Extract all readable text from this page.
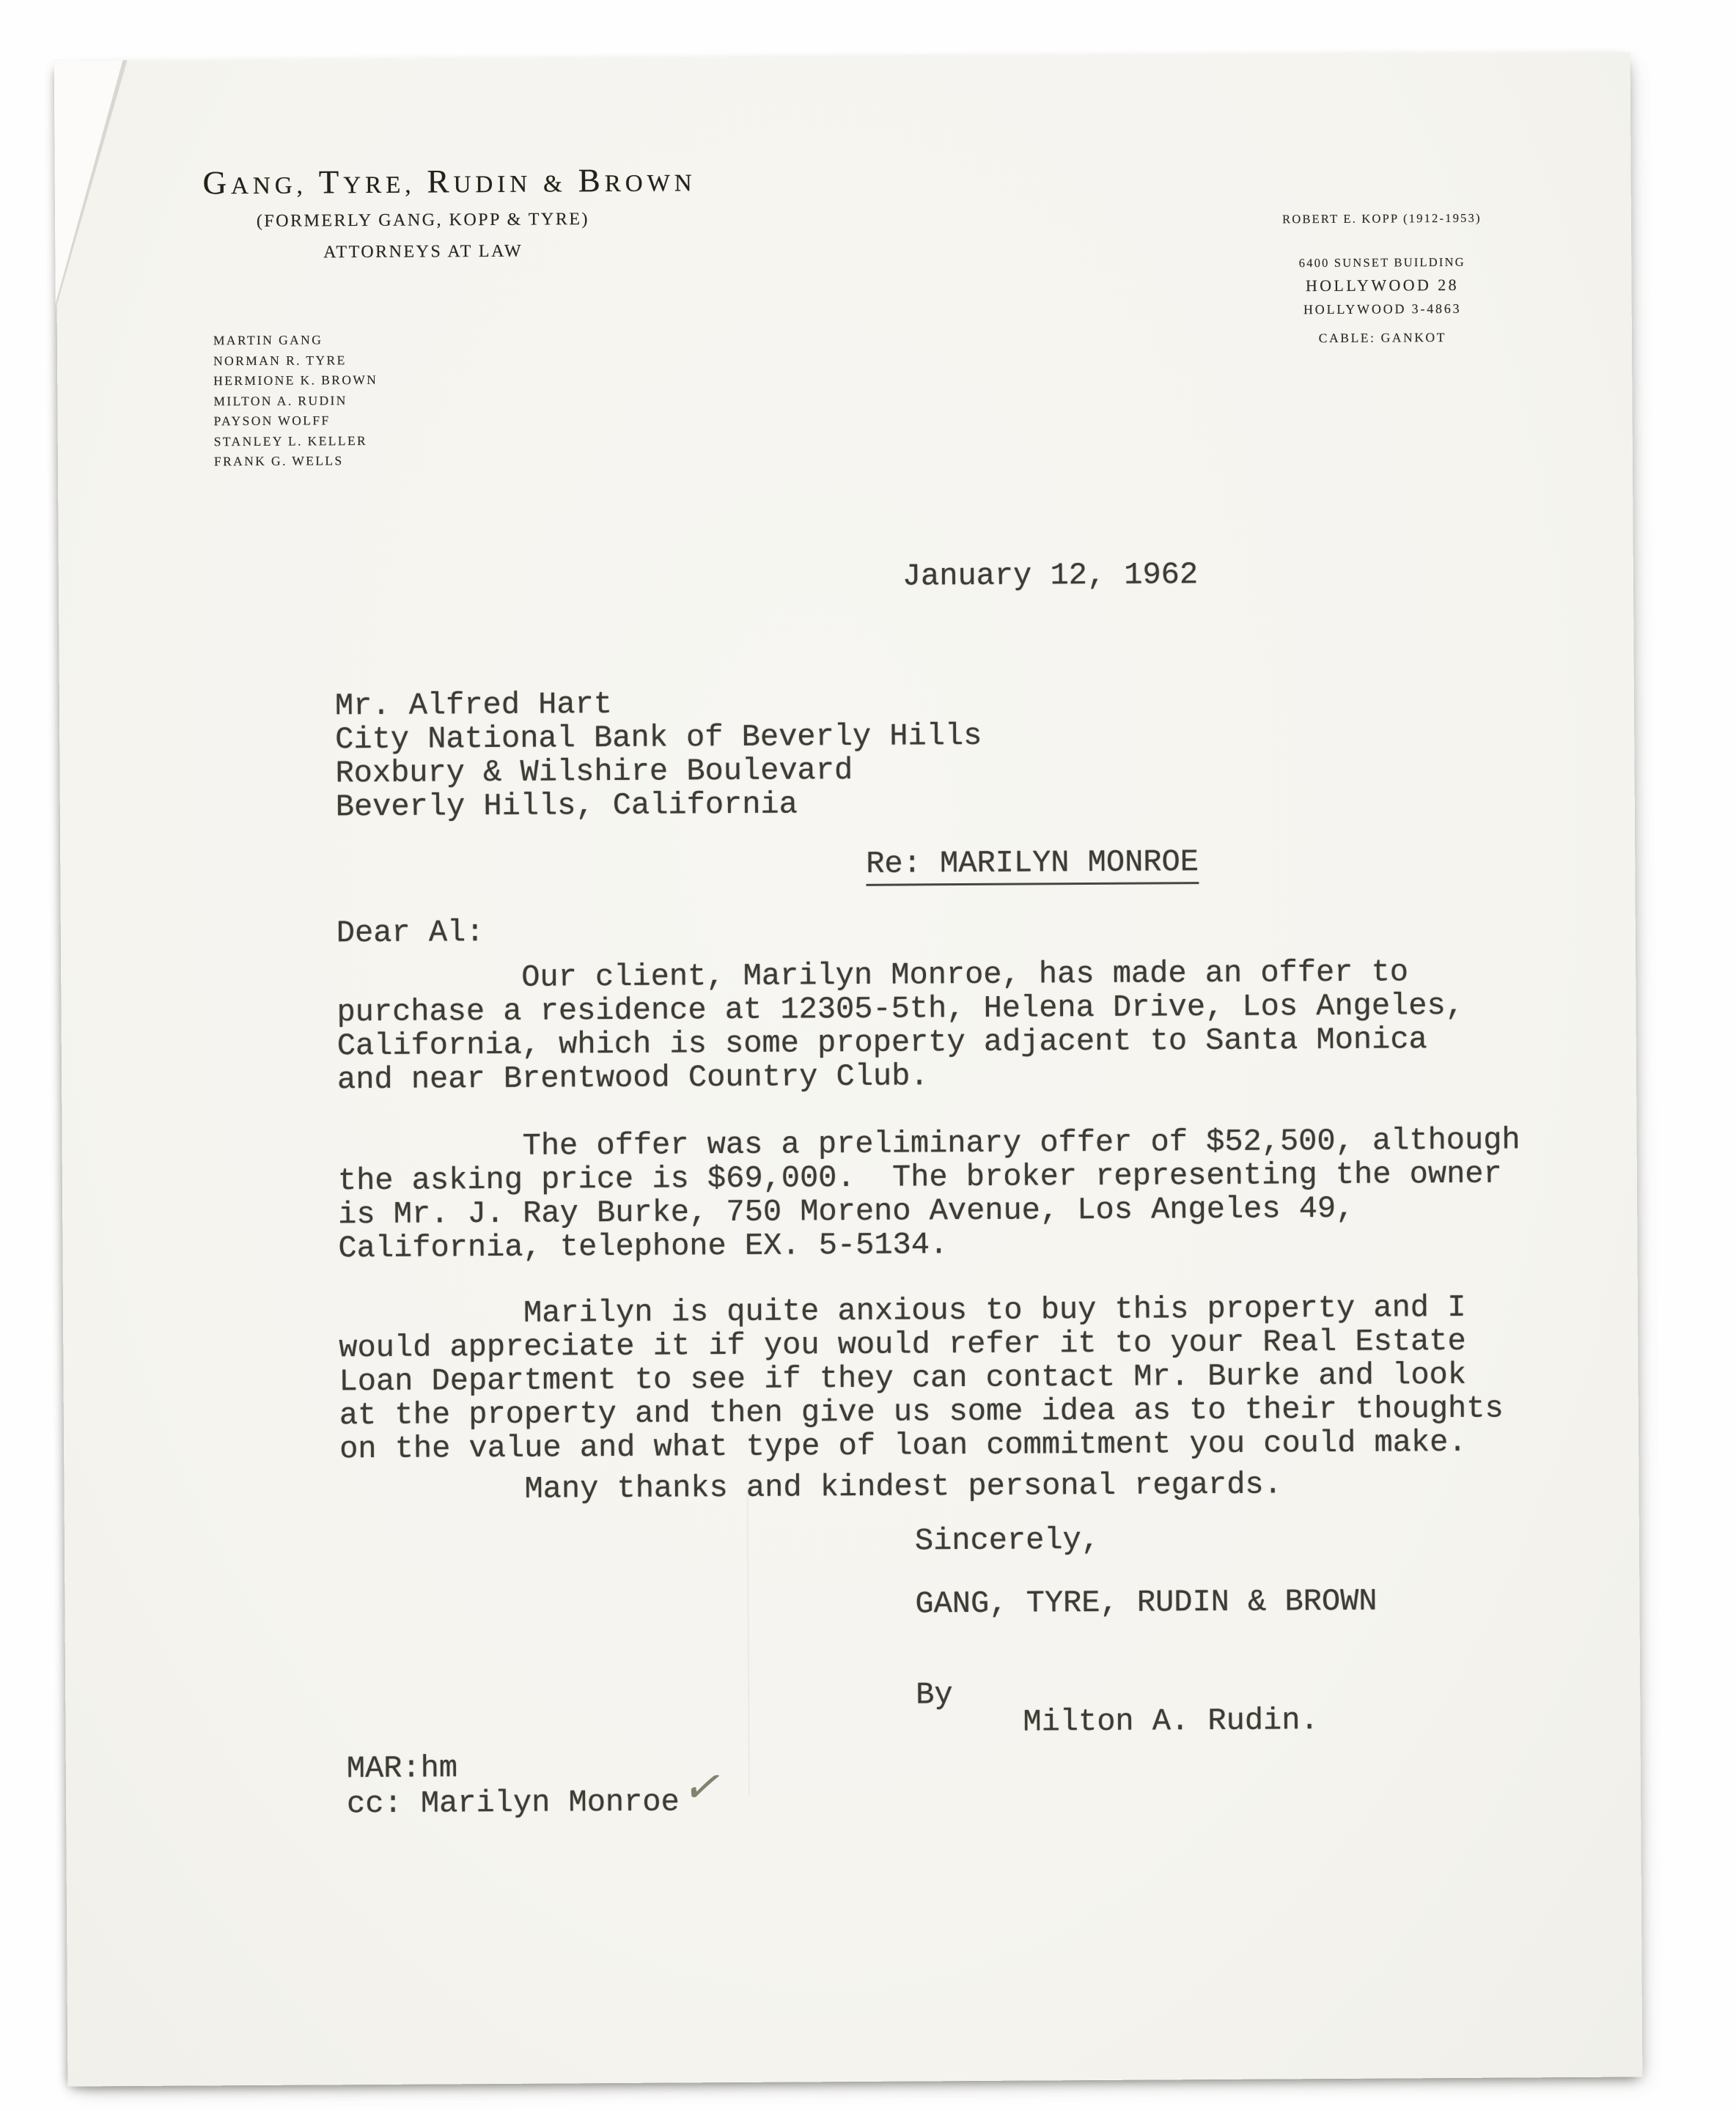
GANG, TYRE, RUDIN & BROWN
(FORMERLY GANG, KOPP & TYRE)
ATTORNEYS AT LAW
MARTIN GANG
NORMAN R. TYRE
HERMIONE K. BROWN
MILTON A. RUDIN
PAYSON WOLFF
STANLEY L. KELLER
FRANK G. WELLS
ROBERT E. KOPP (1912-1953)
6400 SUNSET BUILDING
HOLLYWOOD 28
HOLLYWOOD 3-4863
CABLE: GANKOT
January 12, 1962
Mr. Alfred Hart
City National Bank of Beverly Hills
Roxbury & Wilshire Boulevard
Beverly Hills, California
Re: MARILYN MONROE
Dear Al:
Our client, Marilyn Monroe, has made an offer to
purchase a residence at 12305-5th, Helena Drive, Los Angeles,
California, which is some property adjacent to Santa Monica
and near Brentwood Country Club.
The offer was a preliminary offer of $52,500, although
the asking price is $69,000.  The broker representing the owner
is Mr. J. Ray Burke, 750 Moreno Avenue, Los Angeles 49,
California, telephone EX. 5-5134.
Marilyn is quite anxious to buy this property and I
would appreciate it if you would refer it to your Real Estate
Loan Department to see if they can contact Mr. Burke and look
at the property and then give us some idea as to their thoughts
on the value and what type of loan commitment you could make.
Many thanks and kindest personal regards.
Sincerely,
GANG, TYRE, RUDIN & BROWN
By
Milton A. Rudin.
MAR:hm
cc: Marilyn Monroe
✓
